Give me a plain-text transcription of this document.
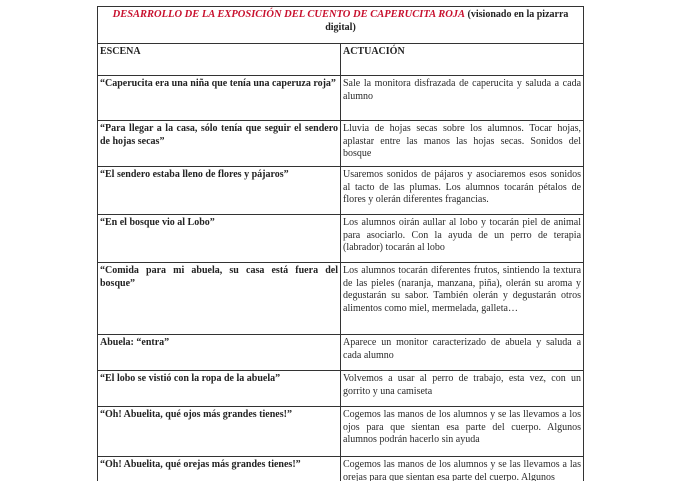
DESARROLLO DE LA EXPOSICIÓN DEL CUENTO DE CAPERUCITA ROJA (visionado en la pizarra digital)	
ESCENA	ACTUACIÓN
“Caperucita era una niña que tenía una caperuza roja”	Sale la monitora disfrazada de caperucita y saluda a cada alumno
“Para llegar a la casa, sólo tenía que seguir el sendero de hojas secas”	Lluvia de hojas secas sobre los alumnos. Tocar hojas, aplastar entre las manos las hojas secas. Sonidos del bosque
“El sendero estaba lleno de flores y pájaros”	Usaremos sonidos de pájaros y asociaremos esos sonidos al tacto de las plumas. Los alumnos tocarán pétalos de flores y olerán diferentes fragancias.
“En el bosque vio al Lobo”	Los alumnos oirán aullar al lobo y tocarán piel de animal para asociarlo. Con la ayuda de un perro de terapia (labrador) tocarán al lobo
“Comida para mi abuela, su casa está fuera del bosque”	Los alumnos tocarán diferentes frutos, sintiendo la textura de las pieles (naranja, manzana, piña), olerán su aroma y degustarán su sabor. También olerán y degustarán otros alimentos como miel, mermelada, galleta…
Abuela: “entra”	Aparece un monitor caracterizado de abuela y saluda a cada alumno
“El lobo se vistió con la ropa de la abuela”	Volvemos a usar al perro de trabajo, esta vez, con un gorrito y una camiseta
“Oh! Abuelita, qué ojos más grandes tienes!”	Cogemos las manos de los alumnos y se las llevamos a los ojos para que sientan esa parte del cuerpo. Algunos alumnos podrán hacerlo sin ayuda
“Oh! Abuelita, qué orejas más grandes tienes!”	Cogemos las manos de los alumnos y se las llevamos a las orejas para que sientan esa parte del cuerpo. Algunos
